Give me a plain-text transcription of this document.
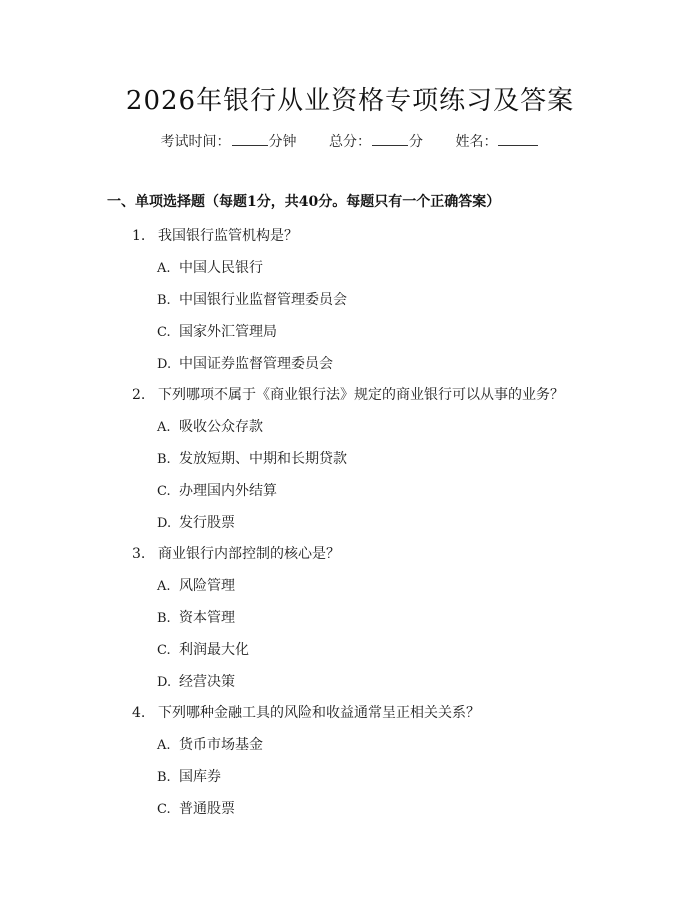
2026年银行从业资格专项练习及答案
考试时间：	分钟 总分：	分 姓名：
一、单项选择题（每题1分，共40分。每题只有一个正确答案）
1. 我国银行监管机构是？
A. 中国人民银行
B. 中国银行业监督管理委员会
C. 国家外汇管理局
D. 中国证券监督管理委员会
2. 下列哪项不属于《商业银行法》规定的商业银行可以从事的业务？
A. 吸收公众存款
B. 发放短期、中期和长期贷款
C. 办理国内外结算
D. 发行股票
3. 商业银行内部控制的核心是？
A. 风险管理
B. 资本管理
C. 利润最大化
D. 经营决策
4. 下列哪种金融工具的风险和收益通常呈正相关关系？
A. 货币市场基金
B. 国库券
C. 普通股票
